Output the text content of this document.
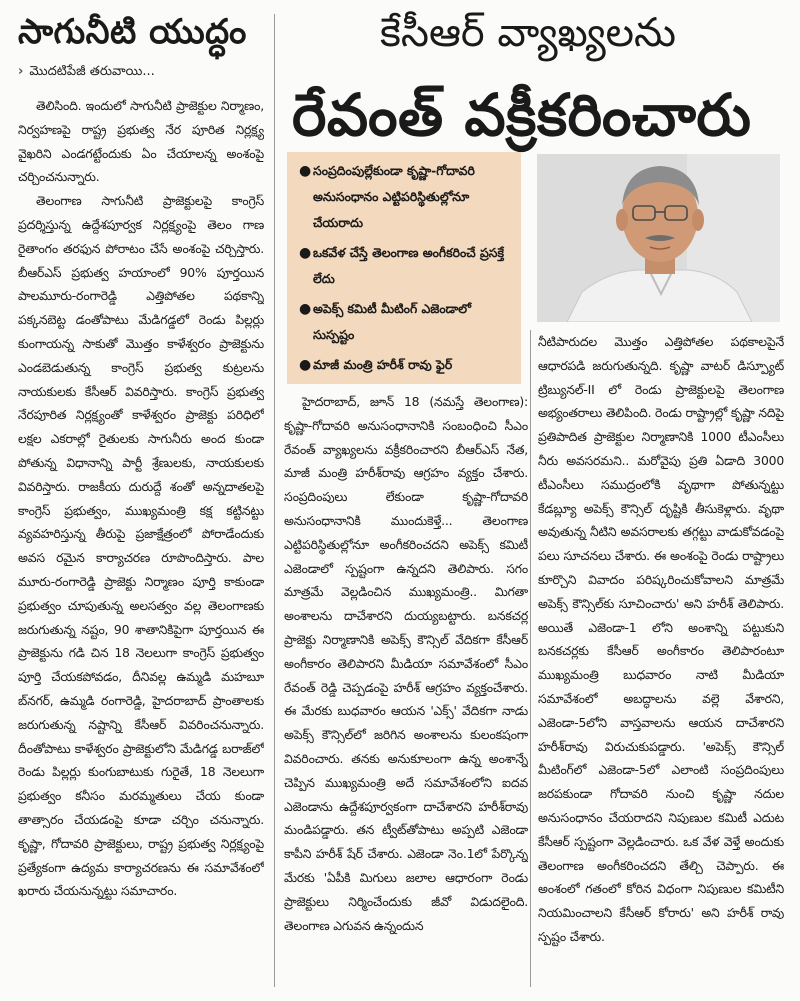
సాగునీటి యుద్ధం
› మొదటిపేజీ తరువాయి...

తెలిసింది. ఇందులో సాగునీటి ప్రాజెక్టుల నిర్మాణం, నిర్వహణపై రాష్ట్ర ప్రభుత్వ నేర పూరిత నిర్లక్ష్య వైఖరిని ఎండగట్టేందుకు ఏం చేయాలన్న అంశంపై చర్చించనున్నారు.

తెలంగాణ సాగునీటి ప్రాజెక్టులపై కాంగ్రెస్ ప్రదర్శిస్తున్న ఉద్దేశపూర్వక నిర్లక్ష్యంపై తెలం గాణ రైతాంగం తరఫున పోరాటం చేసే అంశంపై చర్చిస్తారు. బీఆర్ఎస్ ప్రభుత్వ హయాంలో 90% పూర్తయిన పాలమూరు-రంగారెడ్డి ఎత్తిపోతల పథకాన్ని పక్కనబెట్ట డంతోపాటు మేడిగడ్డలో రెండు పిల్లర్లు కుంగాయన్న సాకుతో మొత్తం కాళేశ్వరం ప్రాజెక్టును ఎండబెడుతున్న కాంగ్రెస్ ప్రభుత్వ కుట్రలను నాయకులకు కేసీఆర్ వివరిస్తారు. కాంగ్రెస్ ప్రభుత్వ నేరపూరిత నిర్లక్ష్యంతో కాళేశ్వరం ప్రాజెక్టు పరిధిలో లక్షల ఎకరాల్లో రైతులకు సాగునీరు అంద కుండా పోతున్న విధానాన్ని పార్టీ శ్రేణులకు, నాయకులకు వివరిస్తారు. రాజకీయ దురుద్దే శంతో అన్నదాతలపై కాంగ్రెస్ ప్రభుత్వం, ముఖ్యమంత్రి కక్ష కట్టినట్టు వ్యవహరిస్తున్న తీరుపై ప్రజాక్షేత్రంలో పోరాడేందుకు అవస రమైన కార్యాచరణ రూపొందిస్తారు. పాల మూరు-రంగారెడ్డి ప్రాజెక్టు నిర్మాణం పూర్తి కాకుండా ప్రభుత్వం చూపుతున్న అలసత్వం వల్ల తెలంగాణకు జరుగుతున్న నష్టం, 90 శాతానికిపైగా పూర్తయిన ఈ ప్రాజెక్టును గడి చిన 18 నెలలుగా కాంగ్రెస్ ప్రభుత్వం పూర్తి చేయకపోవడం, దీనివల్ల ఉమ్మడి మహబూ బ్‌నగర్, ఉమ్మడి రంగారెడ్డి, హైదరాబాద్ ప్రాంతాలకు జరుగుతున్న నష్టాన్ని కేసీఆర్ వివరించనున్నారు. దీంతోపాటు కాళేశ్వరం ప్రాజెక్టులోని మేడిగడ్డ బరాజ్‌లో రెండు పిల్లర్లు కుంగుబాటుకు గురైతే, 18 నెలలుగా ప్రభుత్వం కనీసం మరమ్మతులు చేయ కుండా తాత్సారం చేయడంపై కూడా చర్చిం చనున్నారు. కృష్ణా, గోదావరి ప్రాజెక్టులు, రాష్ట్ర ప్రభుత్వ నిర్లక్ష్యంపై ప్రత్యేకంగా ఉద్యమ కార్యాచరణను ఈ సమావేశంలో ఖరారు చేయనున్నట్టు సమాచారం.

కేసీఆర్ వ్యాఖ్యలను
రేవంత్ వక్రీకరించారు
● సంప్రదింపుల్లేకుండా కృష్ణా-గోదావరి అనుసంధానం ఎట్టిపరిస్థితుల్లోనూ చేయరాదు
● ఒకవేళ చేస్తే తెలంగాణ అంగీకరించే ప్రసక్తే లేదు
● అపెక్స్ కమిటీ మీటింగ్ ఎజెండాలో సుస్పష్టం
● మాజీ మంత్రి హరీశ్ రావు ఫైర్

హైదరాబాద్, జూన్ 18 (నమస్తే తెలంగాణ): కృష్ణా-గోదావరి అనుసంధానానికి సంబంధించి సీఎం రేవంత్ వ్యాఖ్యలను వక్రీకరించారని బీఆర్ఎస్ నేత, మాజీ మంత్రి హరీశ్‌రావు ఆగ్రహం వ్యక్తం చేశారు. సంప్రదింపులు లేకుండా కృష్ణా-గోదావరి అనుసంధానానికి ముందుకెళ్తే... తెలంగాణ ఎట్టిపరిస్థితుల్లోనూ అంగీకరించదని అపెక్స్ కమిటీ ఎజెండాలో స్పష్టంగా ఉన్నదని తెలిపారు. సగం మాత్రమే వెల్లడించిన ముఖ్యమంత్రి.. మిగతా అంశాలను దాచేశారని దుయ్యబట్టారు. బనకచర్ల ప్రాజెక్టు నిర్మాణానికి అపెక్స్ కౌన్సిల్ వేదికగా కేసీఆర్ అంగీకారం తెలిపారని మీడియా సమావేశంలో సీఎం రేవంత్ రెడ్డి చెప్పడంపై హరీశ్ ఆగ్రహం వ్యక్తంచేశారు. ఈ మేరకు బుధవారం ఆయన 'ఎక్స్' వేదికగా నాడు అపెక్స్ కౌన్సిల్‌లో జరిగిన అంశాలను కులంకషంగా వివరించారు. తనకు అనుకూలంగా ఉన్న అంశాన్నే చెప్పిన ముఖ్యమంత్రి అదే సమావేశంలోని ఐదవ ఎజెండాను ఉద్దేశపూర్వకంగా దాచేశారని హరీశ్‌రావు మండిపడ్డారు. తన ట్వీట్‌తోపాటు అప్పటి ఎజెండా కాపీని హరీశ్ షేర్ చేశారు. ఎజెండా నెం.1లో పేర్కొన్న మేరకు 'ఏపీకి మిగులు జలాల ఆధారంగా రెండు ప్రాజెక్టులు నిర్మించేందుకు జీవో విడుదలైంది. తెలంగాణ ఎగువన ఉన్నందున

నీటిపారుదల మొత్తం ఎత్తిపోతల పథకాలపైనే ఆధారపడి జరుగుతున్నది. కృష్ణా వాటర్ డిస్ప్యూట్ ట్రిబ్యునల్-II లో రెండు ప్రాజెక్టులపై తెలంగాణ అభ్యంతరాలు తెలిపింది. రెండు రాష్ట్రాల్లో కృష్ణా నదిపై ప్రతిపాదిత ప్రాజెక్టుల నిర్మాణానికి 1000 టీఎంసీలు నీరు అవసరమని.. మరోవైపు ప్రతి ఏడాది 3000 టీఎంసీలు సముద్రంలోకి వృథాగా పోతున్నట్టు కేడబ్ల్యూ అపెక్స్ కౌన్సిల్ దృష్టికి తీసుకెళ్లారు. వృథా అవుతున్న నీటిని అవసరాలకు తగ్గట్టు వాడుకోవడంపై పలు సూచనలు చేశారు. ఈ అంశంపై రెండు రాష్ట్రాలు కూర్చొని వివాదం పరిష్కరించుకోవాలని మాత్రమే అపెక్స్ కౌన్సిల్‌కు సూచించారు' అని హరీశ్ తెలిపారు. అయితే ఎజెండా-1 లోని అంశాన్ని పట్టుకుని బనకచర్లకు కేసీఆర్ అంగీకారం తెలిపారంటూ ముఖ్యమంత్రి బుధవారం నాటి మీడియా సమావేశంలో అబద్ధాలను వల్లె వేశారని, ఎజెండా-5లోని వాస్తవాలను ఆయన దాచేశారని హరీశ్‌రావు విరుచుకుపడ్డారు. 'అపెక్స్ కౌన్సిల్ మీటింగ్‌లో ఎజెండా-5లో ఎలాంటి సంప్రదింపులు జరపకుండా గోదావరి నుంచి కృష్ణా నదుల అనుసంధానం చేయరాదని నిపుణుల కమిటీ ఎదుట కేసీఆర్ స్పష్టంగా వెల్లడించారు. ఒక వేళ వెళ్తే అందుకు తెలంగాణ అంగీకరించదని తేల్చి చెప్పారు. ఈ అంశంలో గతంలో కోరిన విధంగా నిపుణుల కమిటీని నియమించాలని కేసీఆర్ కోరారు' అని హరీశ్ రావు స్పష్టం చేశారు.
